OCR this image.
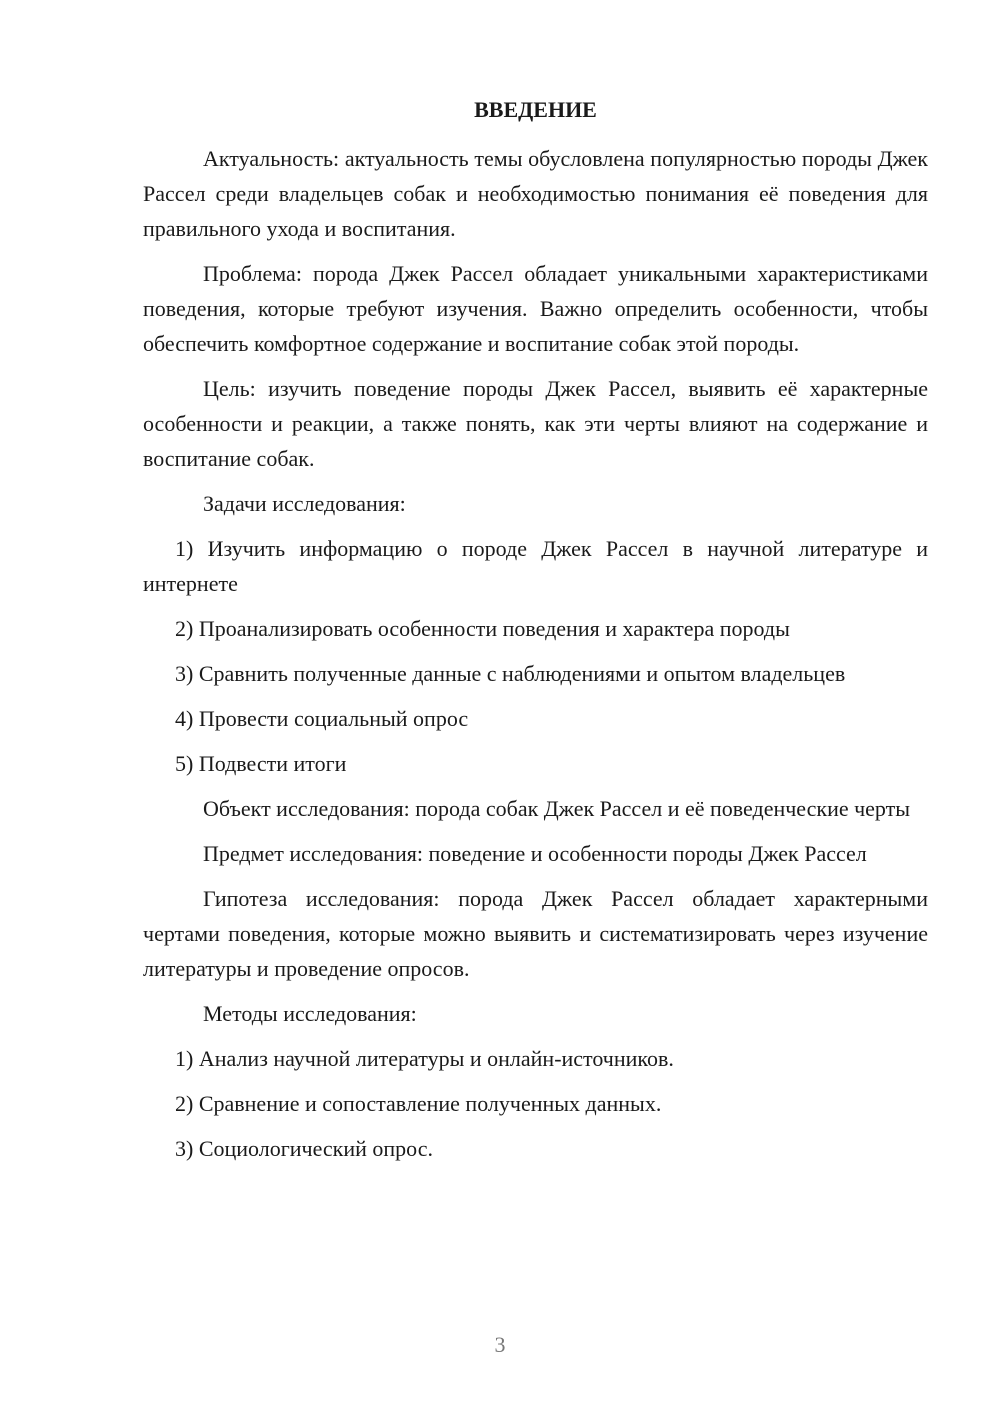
ВВЕДЕНИЕ

Актуальность: актуальность темы обусловлена популярностью породы Джек Рассел среди владельцев собак и необходимостью понимания её поведения для правильного ухода и воспитания.

Проблема: порода Джек Рассел обладает уникальными характеристиками поведения, которые требуют изучения. Важно определить особенности, чтобы обеспечить комфортное содержание и воспитание собак этой породы.

Цель: изучить поведение породы Джек Рассел, выявить её характерные особенности и реакции, а также понять, как эти черты влияют на содержание и воспитание собак.

Задачи исследования:

1) Изучить информацию о породе Джек Рассел в научной литературе и интернете

2) Проанализировать особенности поведения и характера породы

3) Сравнить полученные данные с наблюдениями и опытом владельцев

4) Провести социальный опрос

5) Подвести итоги

Объект исследования: порода собак Джек Рассел и её поведенческие черты

Предмет исследования: поведение и особенности породы Джек Рассел

Гипотеза исследования: порода Джек Рассел обладает характерными чертами поведения, которые можно выявить и систематизировать через изучение литературы и проведение опросов.

Методы исследования:

1) Анализ научной литературы и онлайн-источников.

2) Сравнение и сопоставление полученных данных.

3) Социологический опрос.

3
